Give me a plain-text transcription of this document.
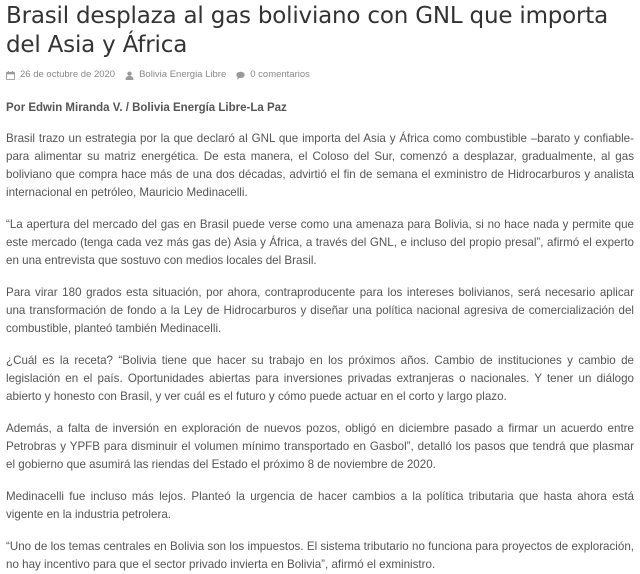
Brasil desplaza al gas boliviano con GNL que importa del Asia y África
26 de octubre de 2020	Bolivia Energia Libre	0 comentarios
Por Edwin Miranda V. / Bolivia Energía Libre-La Paz

Brasil trazo un estrategia por la que declaró al GNL que importa del Asia y África como combustible –barato y confiable- para alimentar su matriz energética. De esta manera, el Coloso del Sur, comenzó a desplazar, gradualmente, al gas boliviano que compra hace más de una dos décadas, advirtió el fin de semana el exministro de Hidrocarburos y analista internacional en petróleo, Mauricio Medinacelli.

“La apertura del mercado del gas en Brasil puede verse como una amenaza para Bolivia, si no hace nada y permite que este mercado (tenga cada vez más gas de) Asia y África, a través del GNL, e incluso del propio presal”, afirmó el experto en una entrevista que sostuvo con medios locales del Brasil.

Para virar 180 grados esta situación, por ahora, contraproducente para los intereses bolivianos, será necesario aplicar una transformación de fondo a la Ley de Hidrocarburos y diseñar una política nacional agresiva de comercialización del combustible, planteó también Medinacelli.

¿Cuál es la receta? “Bolivia tiene que hacer su trabajo en los próximos años. Cambio de instituciones y cambio de legislación en el país. Oportunidades abiertas para inversiones privadas extranjeras o nacionales. Y tener un diálogo abierto y honesto con Brasil, y ver cuál es el futuro y cómo puede actuar en el corto y largo plazo.

Además, a falta de inversión en exploración de nuevos pozos, obligó en diciembre pasado a firmar un acuerdo entre Petrobras y YPFB para disminuir el volumen mínimo transportado en Gasbol”, detalló los pasos que tendrá que plasmar el gobierno que asumirá las riendas del Estado el próximo 8 de noviembre de 2020.

Medinacelli fue incluso más lejos. Planteó la urgencia de hacer cambios a la política tributaria que hasta ahora está vigente en la industria petrolera.

“Uno de los temas centrales en Bolivia son los impuestos. El sistema tributario no funciona para proyectos de exploración, no hay incentivo para que el sector privado invierta en Bolivia”, afirmó el exministro.
